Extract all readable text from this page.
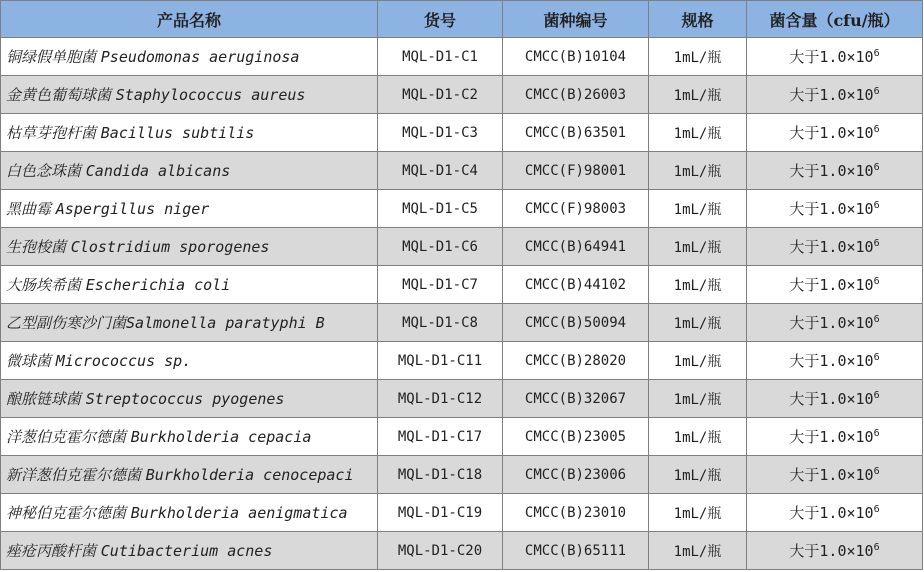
产品名称	货号	菌种编号	规格	菌含量（cfu/瓶）
铜绿假单胞菌 Pseudomonas aeruginosa	MQL-D1-C1	CMCC(B)10104	1mL/瓶	大于$1.0\times 10^6$
金黄色葡萄球菌 Staphylococcus aureus	MQL-D1-C2	CMCC(B)26003	1mL/瓶	大于$1.0\times 10^6$
枯草芽孢杆菌 Bacillus subtilis	MQL-D1-C3	CMCC(B)63501	1mL/瓶	大于$1.0\times 10^6$
白色念珠菌 Candida albicans	MQL-D1-C4	CMCC(F)98001	1mL/瓶	大于$1.0\times 10^6$
黑曲霉 Aspergillus niger	MQL-D1-C5	CMCC(F)98003	1mL/瓶	大于$1.0\times 10^6$
生孢梭菌 Clostridium sporogenes	MQL-D1-C6	CMCC(B)64941	1mL/瓶	大于$1.0\times 10^6$
大肠埃希菌 Escherichia coli	MQL-D1-C7	CMCC(B)44102	1mL/瓶	大于$1.0\times 10^6$
乙型副伤寒沙门菌Salmonella paratyphi B	MQL-D1-C8	CMCC(B)50094	1mL/瓶	大于$1.0\times 10^6$
微球菌 Micrococcus sp.	MQL-D1-C11	CMCC(B)28020	1mL/瓶	大于$1.0\times 10^6$
酿脓链球菌 Streptococcus pyogenes	MQL-D1-C12	CMCC(B)32067	1mL/瓶	大于$1.0\times 10^6$
洋葱伯克霍尔德菌 Burkholderia cepacia	MQL-D1-C17	CMCC(B)23005	1mL/瓶	大于$1.0\times 10^6$
新洋葱伯克霍尔德菌 Burkholderia cenocepaci	MQL-D1-C18	CMCC(B)23006	1mL/瓶	大于$1.0\times 10^6$
神秘伯克霍尔德菌 Burkholderia aenigmatica	MQL-D1-C19	CMCC(B)23010	1mL/瓶	大于$1.0\times 10^6$
痤疮丙酸杆菌 Cutibacterium acnes	MQL-D1-C20	CMCC(B)65111	1mL/瓶	大于$1.0\times 10^6$
